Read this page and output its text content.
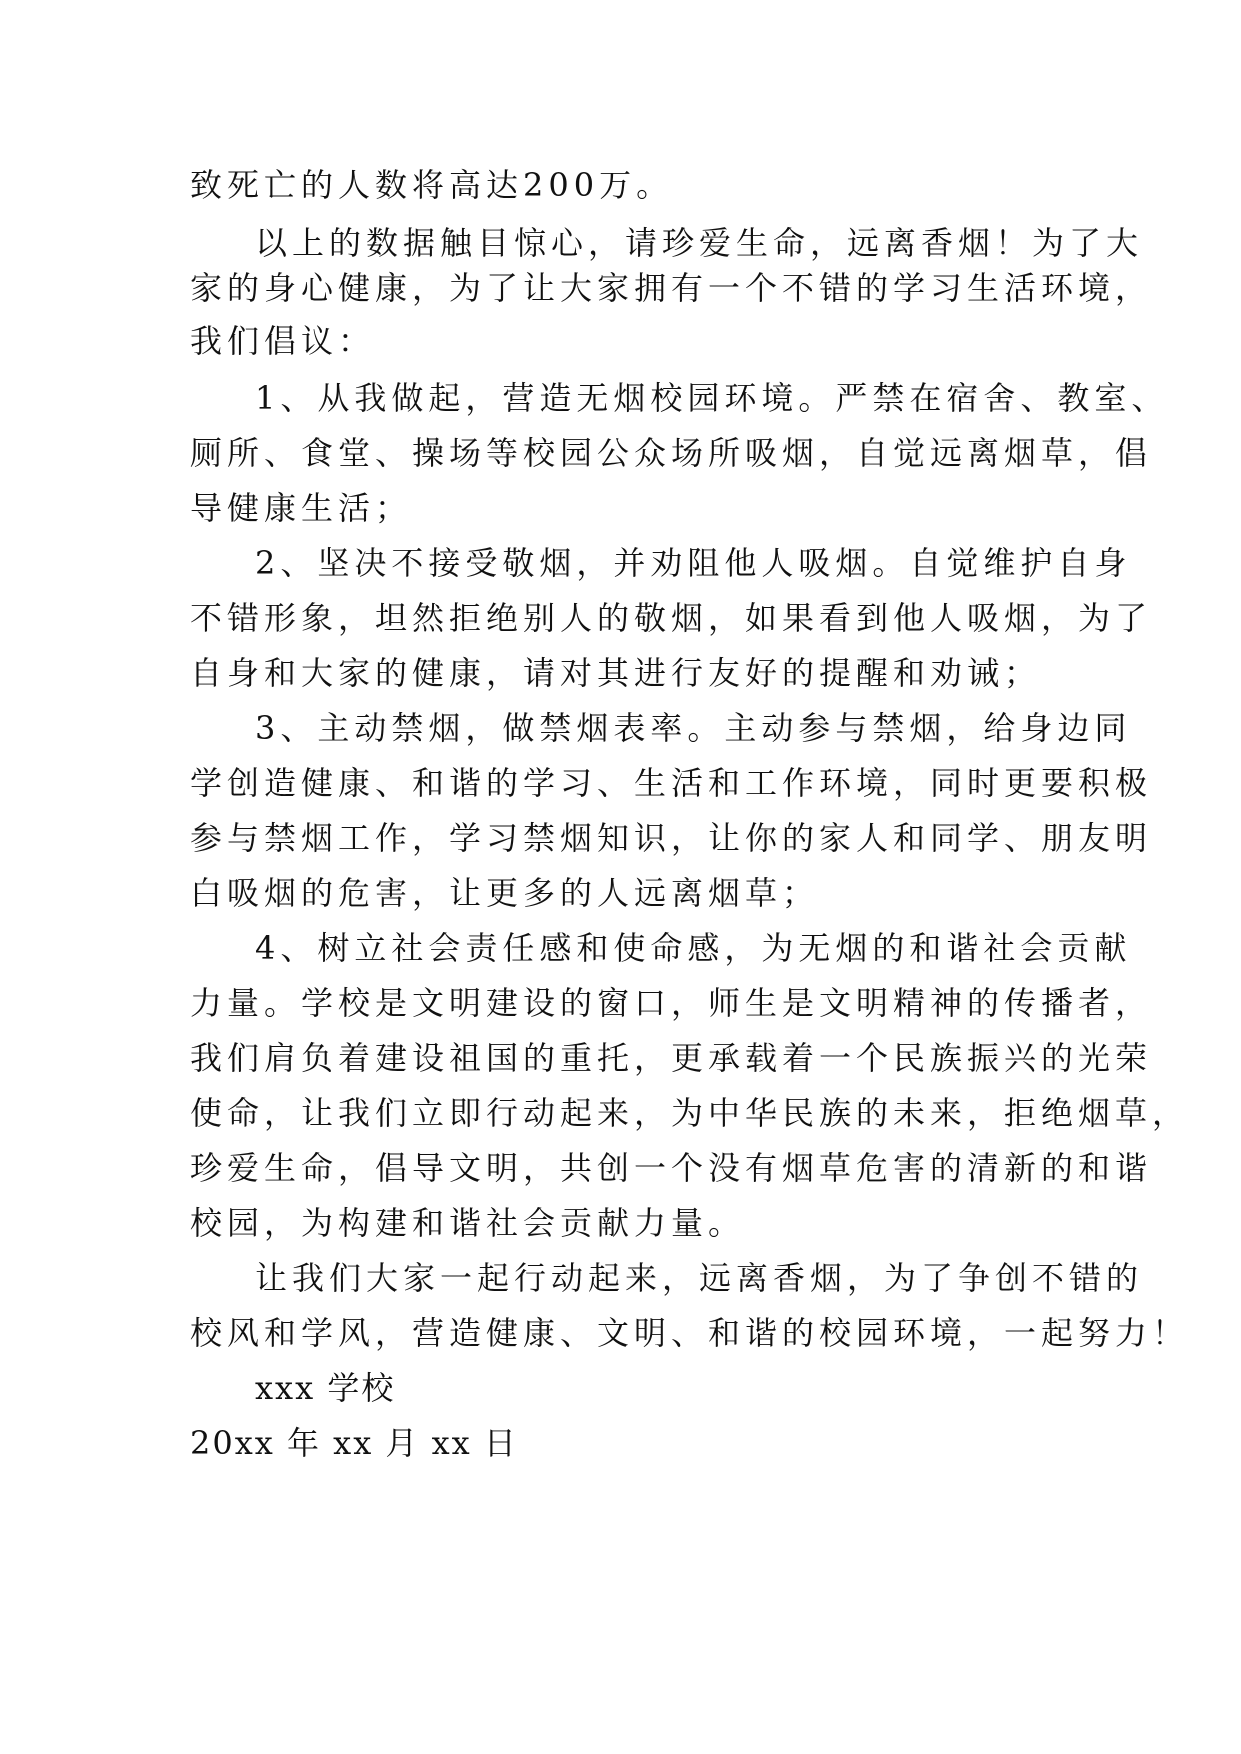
致死亡的人数将高达200万。
以上的数据触目惊心，请珍爱生命，远离香烟！为了大
家的身心健康，为了让大家拥有一个不错的学习生活环境，
我们倡议：
1、从我做起，营造无烟校园环境。严禁在宿舍、教室、
厕所、食堂、操场等校园公众场所吸烟，自觉远离烟草，倡
导健康生活；
2、坚决不接受敬烟，并劝阻他人吸烟。自觉维护自身
不错形象，坦然拒绝别人的敬烟，如果看到他人吸烟，为了
自身和大家的健康，请对其进行友好的提醒和劝诫；
3、主动禁烟，做禁烟表率。主动参与禁烟，给身边同
学创造健康、和谐的学习、生活和工作环境，同时更要积极
参与禁烟工作，学习禁烟知识，让你的家人和同学、朋友明
白吸烟的危害，让更多的人远离烟草；
4、树立社会责任感和使命感，为无烟的和谐社会贡献
力量。学校是文明建设的窗口，师生是文明精神的传播者，
我们肩负着建设祖国的重托，更承载着一个民族振兴的光荣
使命，让我们立即行动起来，为中华民族的未来，拒绝烟草，
珍爱生命，倡导文明，共创一个没有烟草危害的清新的和谐
校园，为构建和谐社会贡献力量。
让我们大家一起行动起来，远离香烟，为了争创不错的
校风和学风，营造健康、文明、和谐的校园环境，一起努力！
xxx 学校
20xx 年 xx 月 xx 日
